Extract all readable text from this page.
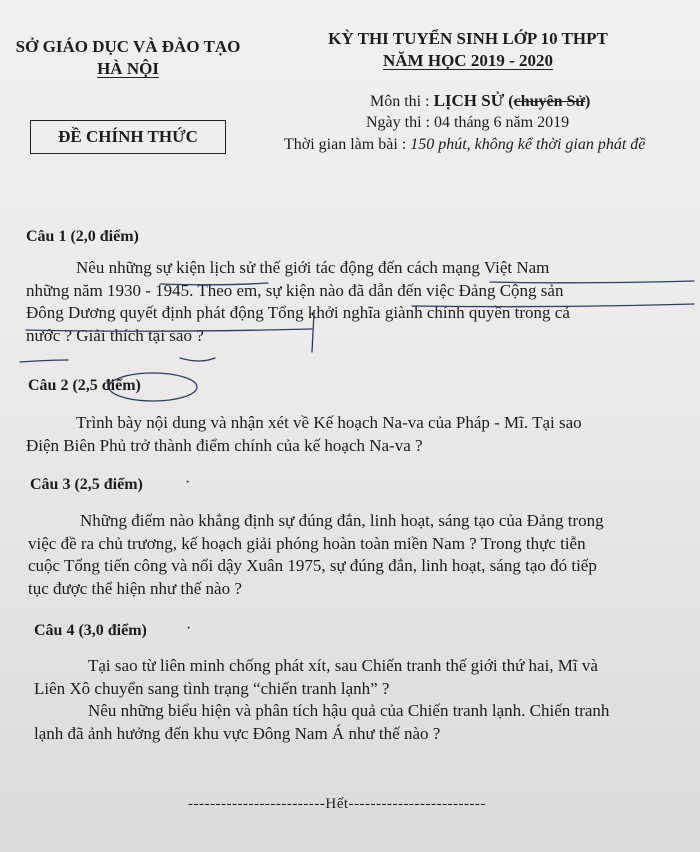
SỞ GIÁO DỤC VÀ ĐÀO TẠO
HÀ NỘI
KỲ THI TUYỂN SINH LỚP 10 THPT
NĂM HỌC 2019 - 2020
ĐỀ CHÍNH THỨC
Môn thi : LỊCH SỬ (chuyên Sử)
Ngày thi : 04 tháng 6 năm 2019
Thời gian làm bài : 150 phút, không kể thời gian phát đề
Câu 1 (2,0 điểm)
Nêu những sự kiện lịch sử thế giới tác động đến cách mạng Việt Nam
những năm 1930 - 1945. Theo em, sự kiện nào đã dẫn đến việc Đảng Cộng sản
Đông Dương quyết định phát động Tổng khởi nghĩa giành chính quyền trong cả
nước ? Giải thích tại sao ?
Câu 2 (2,5 điểm)
Trình bày nội dung và nhận xét về Kế hoạch Na-va của Pháp - Mĩ. Tại sao
Điện Biên Phủ trở thành điểm chính của kế hoạch Na-va ?
Câu 3 (2,5 điểm)	·
Những điểm nào khẳng định sự đúng đắn, linh hoạt, sáng tạo của Đảng trong
việc đề ra chủ trương, kế hoạch giải phóng hoàn toàn miền Nam ? Trong thực tiễn
cuộc Tổng tiến công và nổi dậy Xuân 1975, sự đúng đắn, linh hoạt, sáng tạo đó tiếp
tục được thể hiện như thế nào ?
Câu 4 (3,0 điểm) ·
Tại sao từ liên minh chống phát xít, sau Chiến tranh thế giới thứ hai, Mĩ và
Liên Xô chuyển sang tình trạng “chiến tranh lạnh” ?
Nêu những biểu hiện và phân tích hậu quả của Chiến tranh lạnh. Chiến tranh
lạnh đã ảnh hưởng đến khu vực Đông Nam Á như thế nào ?
-------------------------Hết-------------------------
